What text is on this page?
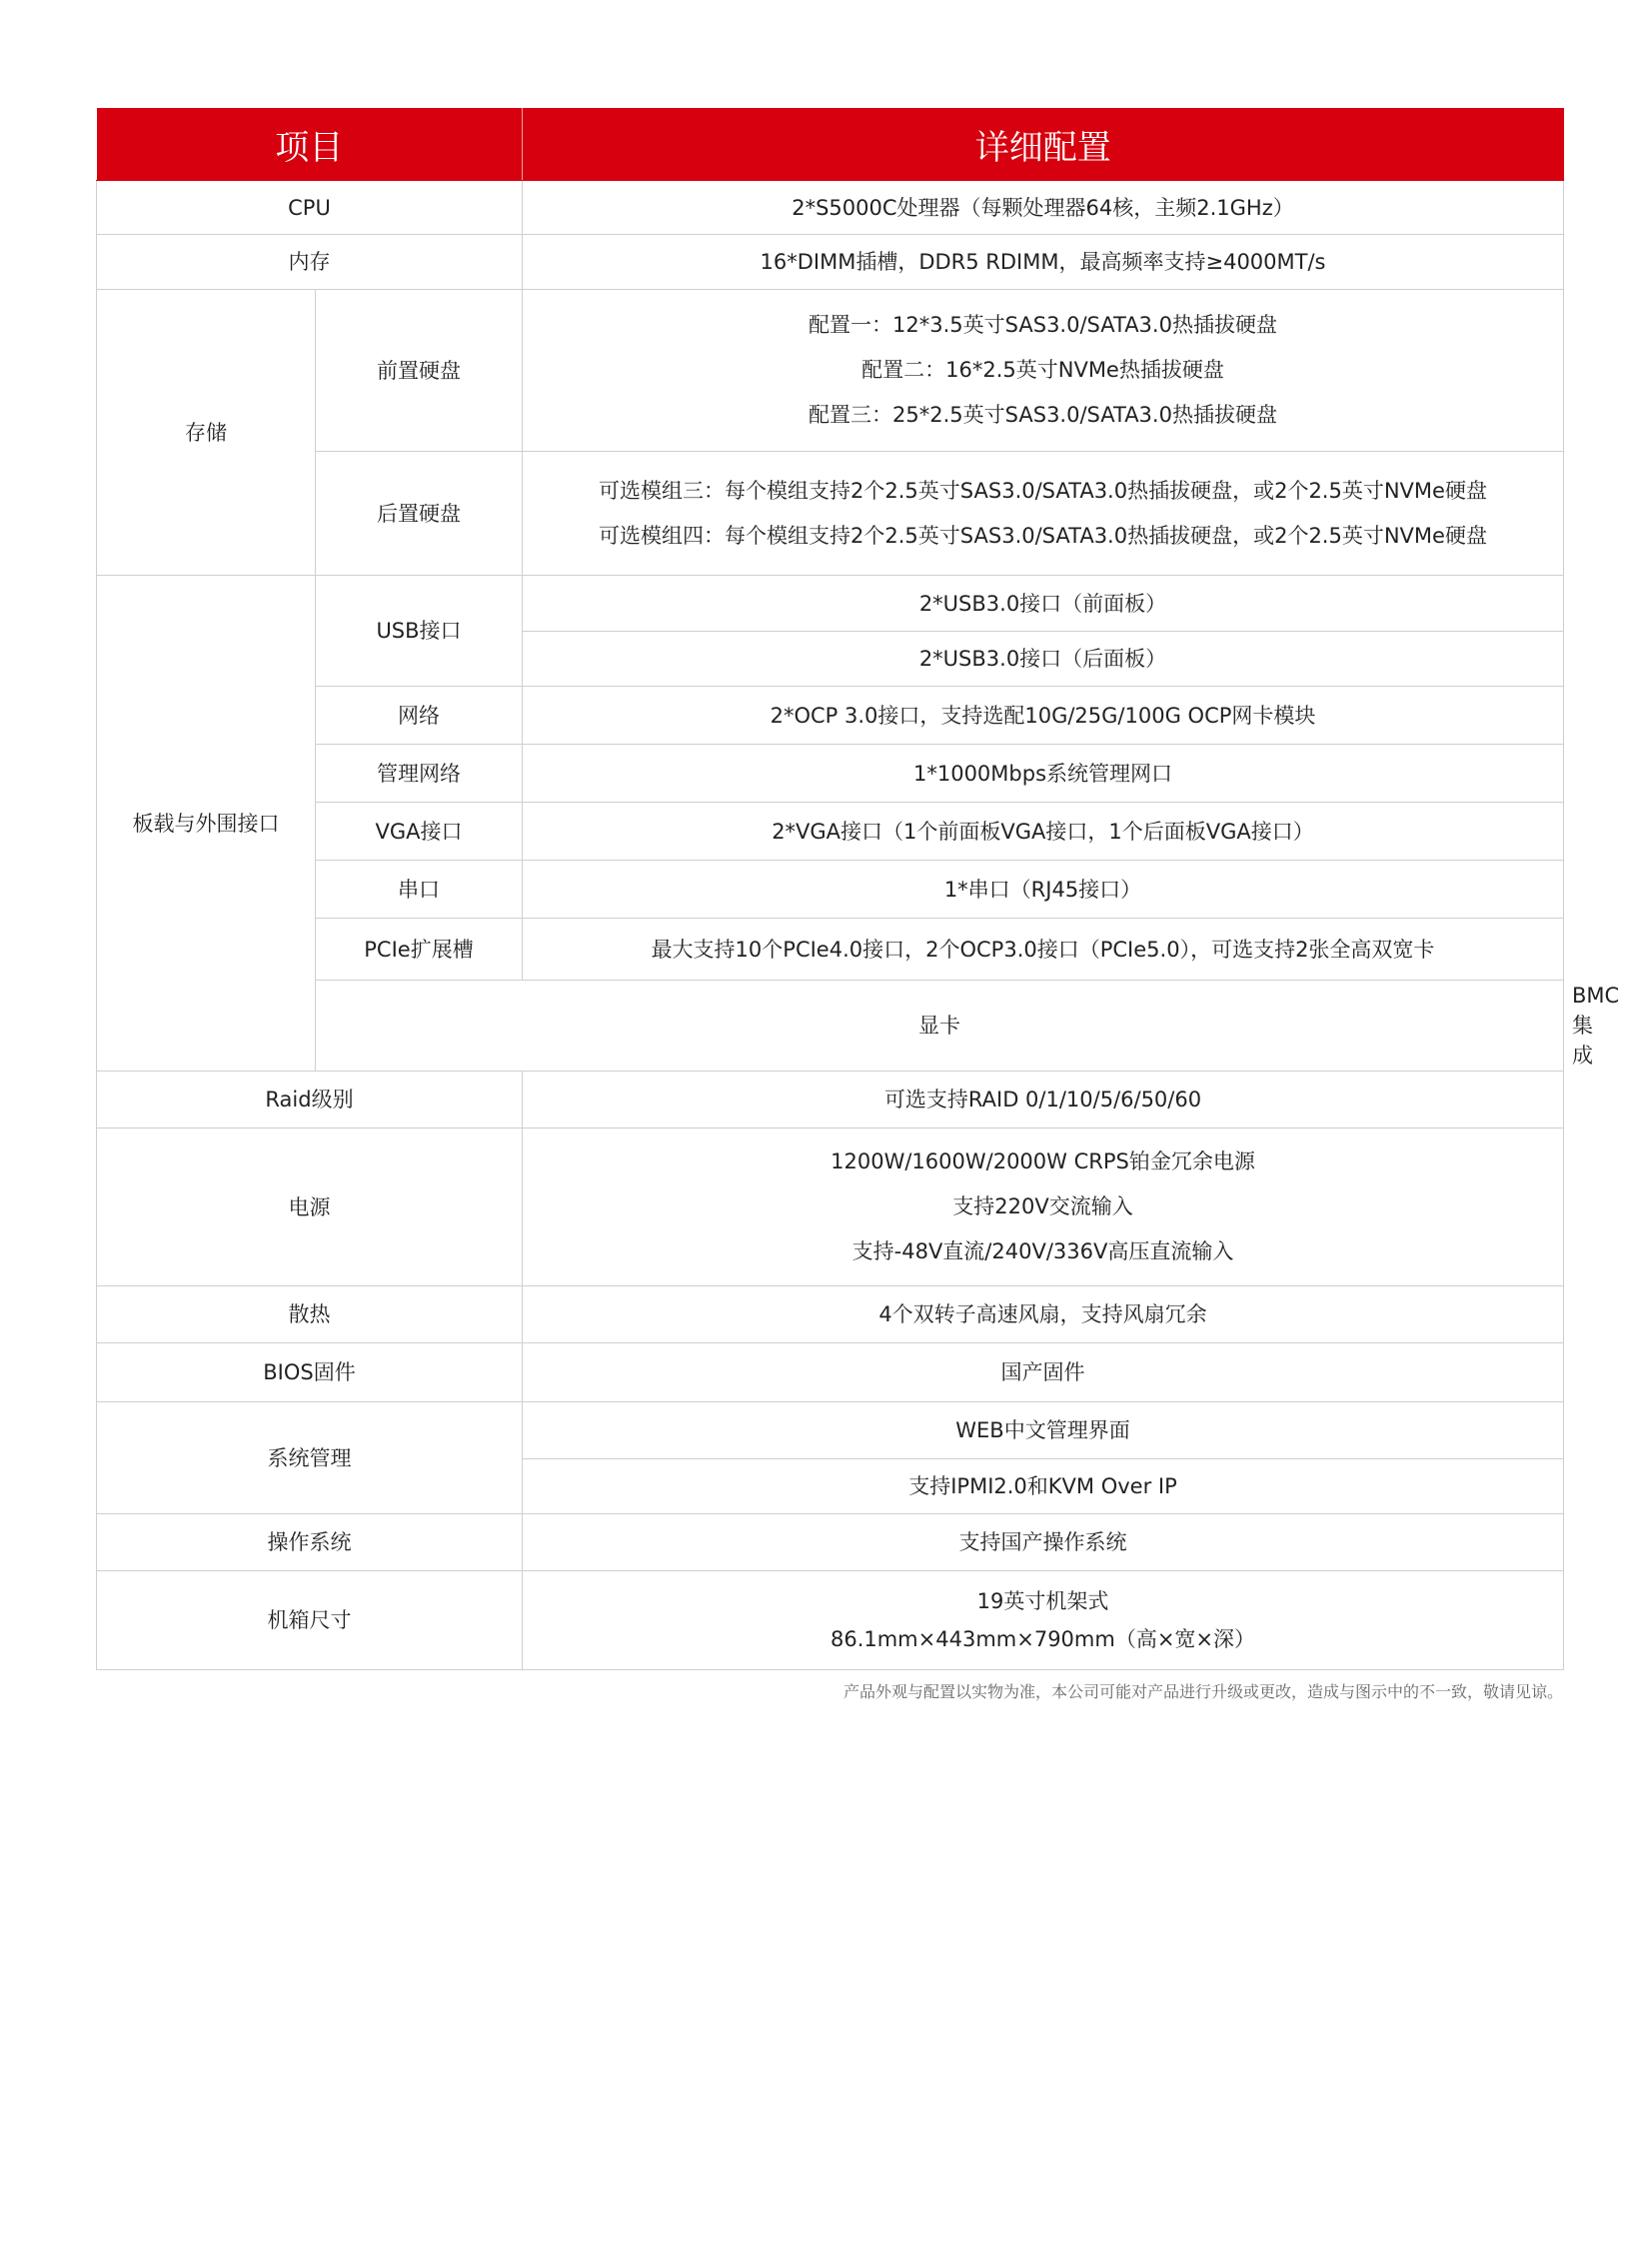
项目		详细配置	
CPU		2*S5000C处理器（每颗处理器64核，主频2.1GHz）	
内存		16*DIMM插槽，DDR5 RDIMM，最高频率支持≥4000MT/s	
存储	前置硬盘	配置一：12*3.5英寸SAS3.0/SATA3.0热插拔硬盘
配置二：16*2.5英寸NVMe热插拔硬盘
配置三：25*2.5英寸SAS3.0/SATA3.0热插拔硬盘	

	后置硬盘	可选模组三：每个模组支持2个2.5英寸SAS3.0/SATA3.0热插拔硬盘，或2个2.5英寸NVMe硬盘
可选模组四：每个模组支持2个2.5英寸SAS3.0/SATA3.0热插拔硬盘，或2个2.5英寸NVMe硬盘	

板载与外围接口	USB接口	2*USB3.0接口（前面板）	
		2*USB3.0接口（后面板）	
	网络	2*OCP 3.0接口，支持选配10G/25G/100G OCP网卡模块	
	管理网络	1*1000Mbps系统管理网口	
	VGA接口	2*VGA接口（1个前面板VGA接口，1个后面板VGA接口）	
	串口	1*串口（RJ45接口）	
	PCIe扩展槽	最大支持10个PCIe4.0接口，2个OCP3.0接口（PCIe5.0），可选支持2张全高双宽卡	
	显卡		BMC集成
Raid级别		可选支持RAID 0/1/10/5/6/50/60	
电源		1200W/1600W/2000W CRPS铂金冗余电源
支持220V交流输入
支持-48V直流/240V/336V高压直流输入	

散热		4个双转子高速风扇，支持风扇冗余	
BIOS固件		国产固件	
系统管理		WEB中文管理界面	
		支持IPMI2.0和KVM Over IP	
操作系统		支持国产操作系统	
机箱尺寸		19英寸机架式
86.1mm×443mm×790mm（高×宽×深）	
产品外观与配置以实物为准，本公司可能对产品进行升级或更改，造成与图示中的不一致，敬请见谅。
